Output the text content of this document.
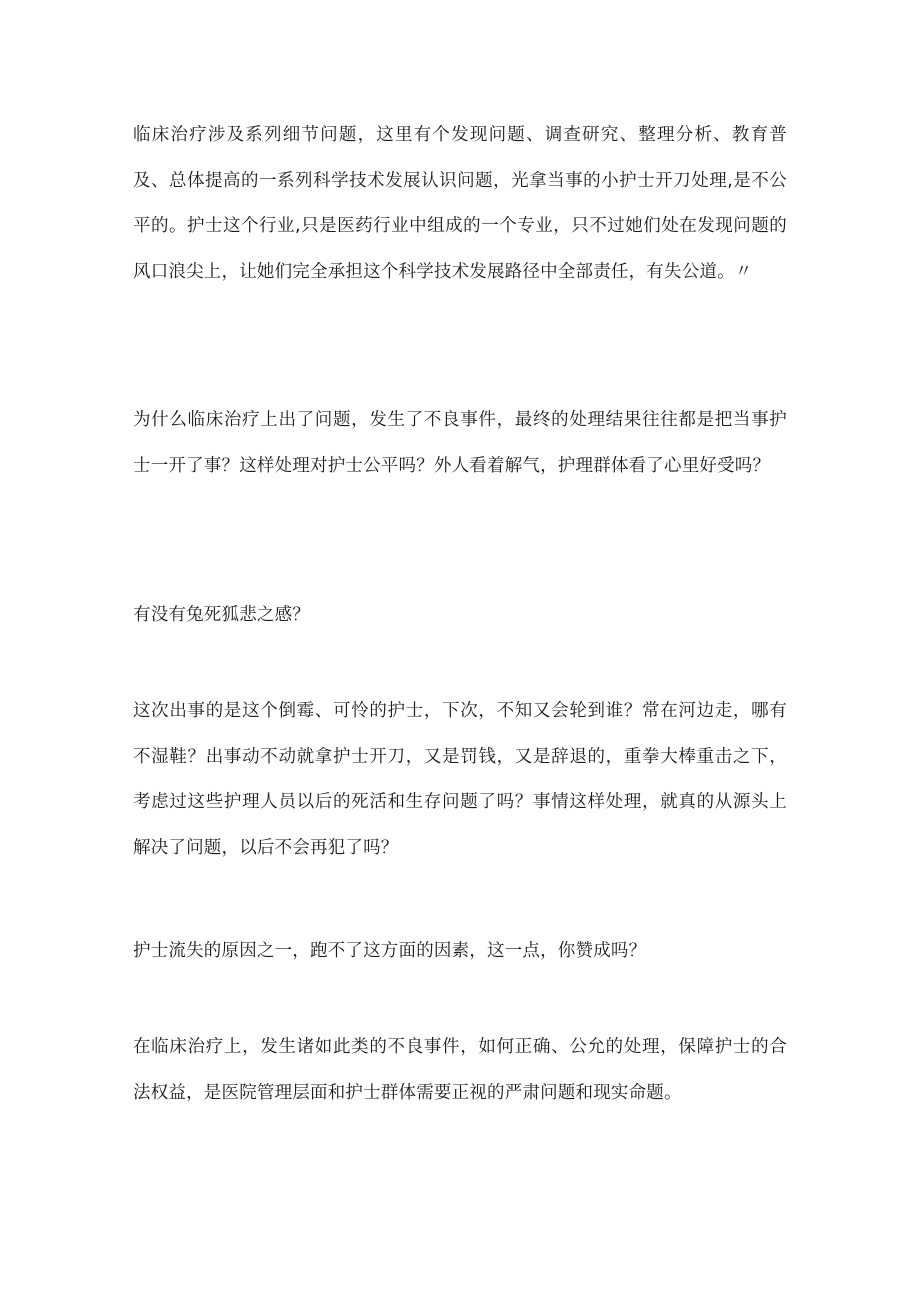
临床治疗涉及系列细节问题，这里有个发现问题、调查研究、整理分析、教育普及、总体提高的一系列科学技术发展认识问题，光拿当事的小护士开刀处理,是不公平的。护士这个行业,只是医药行业中组成的一个专业，只不过她们处在发现问题的风口浪尖上，让她们完全承担这个科学技术发展路径中全部责任，有失公道。〃

为什么临床治疗上出了问题，发生了不良事件，最终的处理结果往往都是把当事护士一开了事？这样处理对护士公平吗？外人看着解气，护理群体看了心里好受吗？

有没有兔死狐悲之感？

这次出事的是这个倒霉、可怜的护士，下次，不知又会轮到谁？常在河边走，哪有不湿鞋？出事动不动就拿护士开刀，又是罚钱，又是辞退的，重拳大棒重击之下，考虑过这些护理人员以后的死活和生存问题了吗？事情这样处理，就真的从源头上解决了问题，以后不会再犯了吗？

护士流失的原因之一，跑不了这方面的因素，这一点，你赞成吗？

在临床治疗上，发生诸如此类的不良事件，如何正确、公允的处理，保障护士的合法权益，是医院管理层面和护士群体需要正视的严肃问题和现实命题。
